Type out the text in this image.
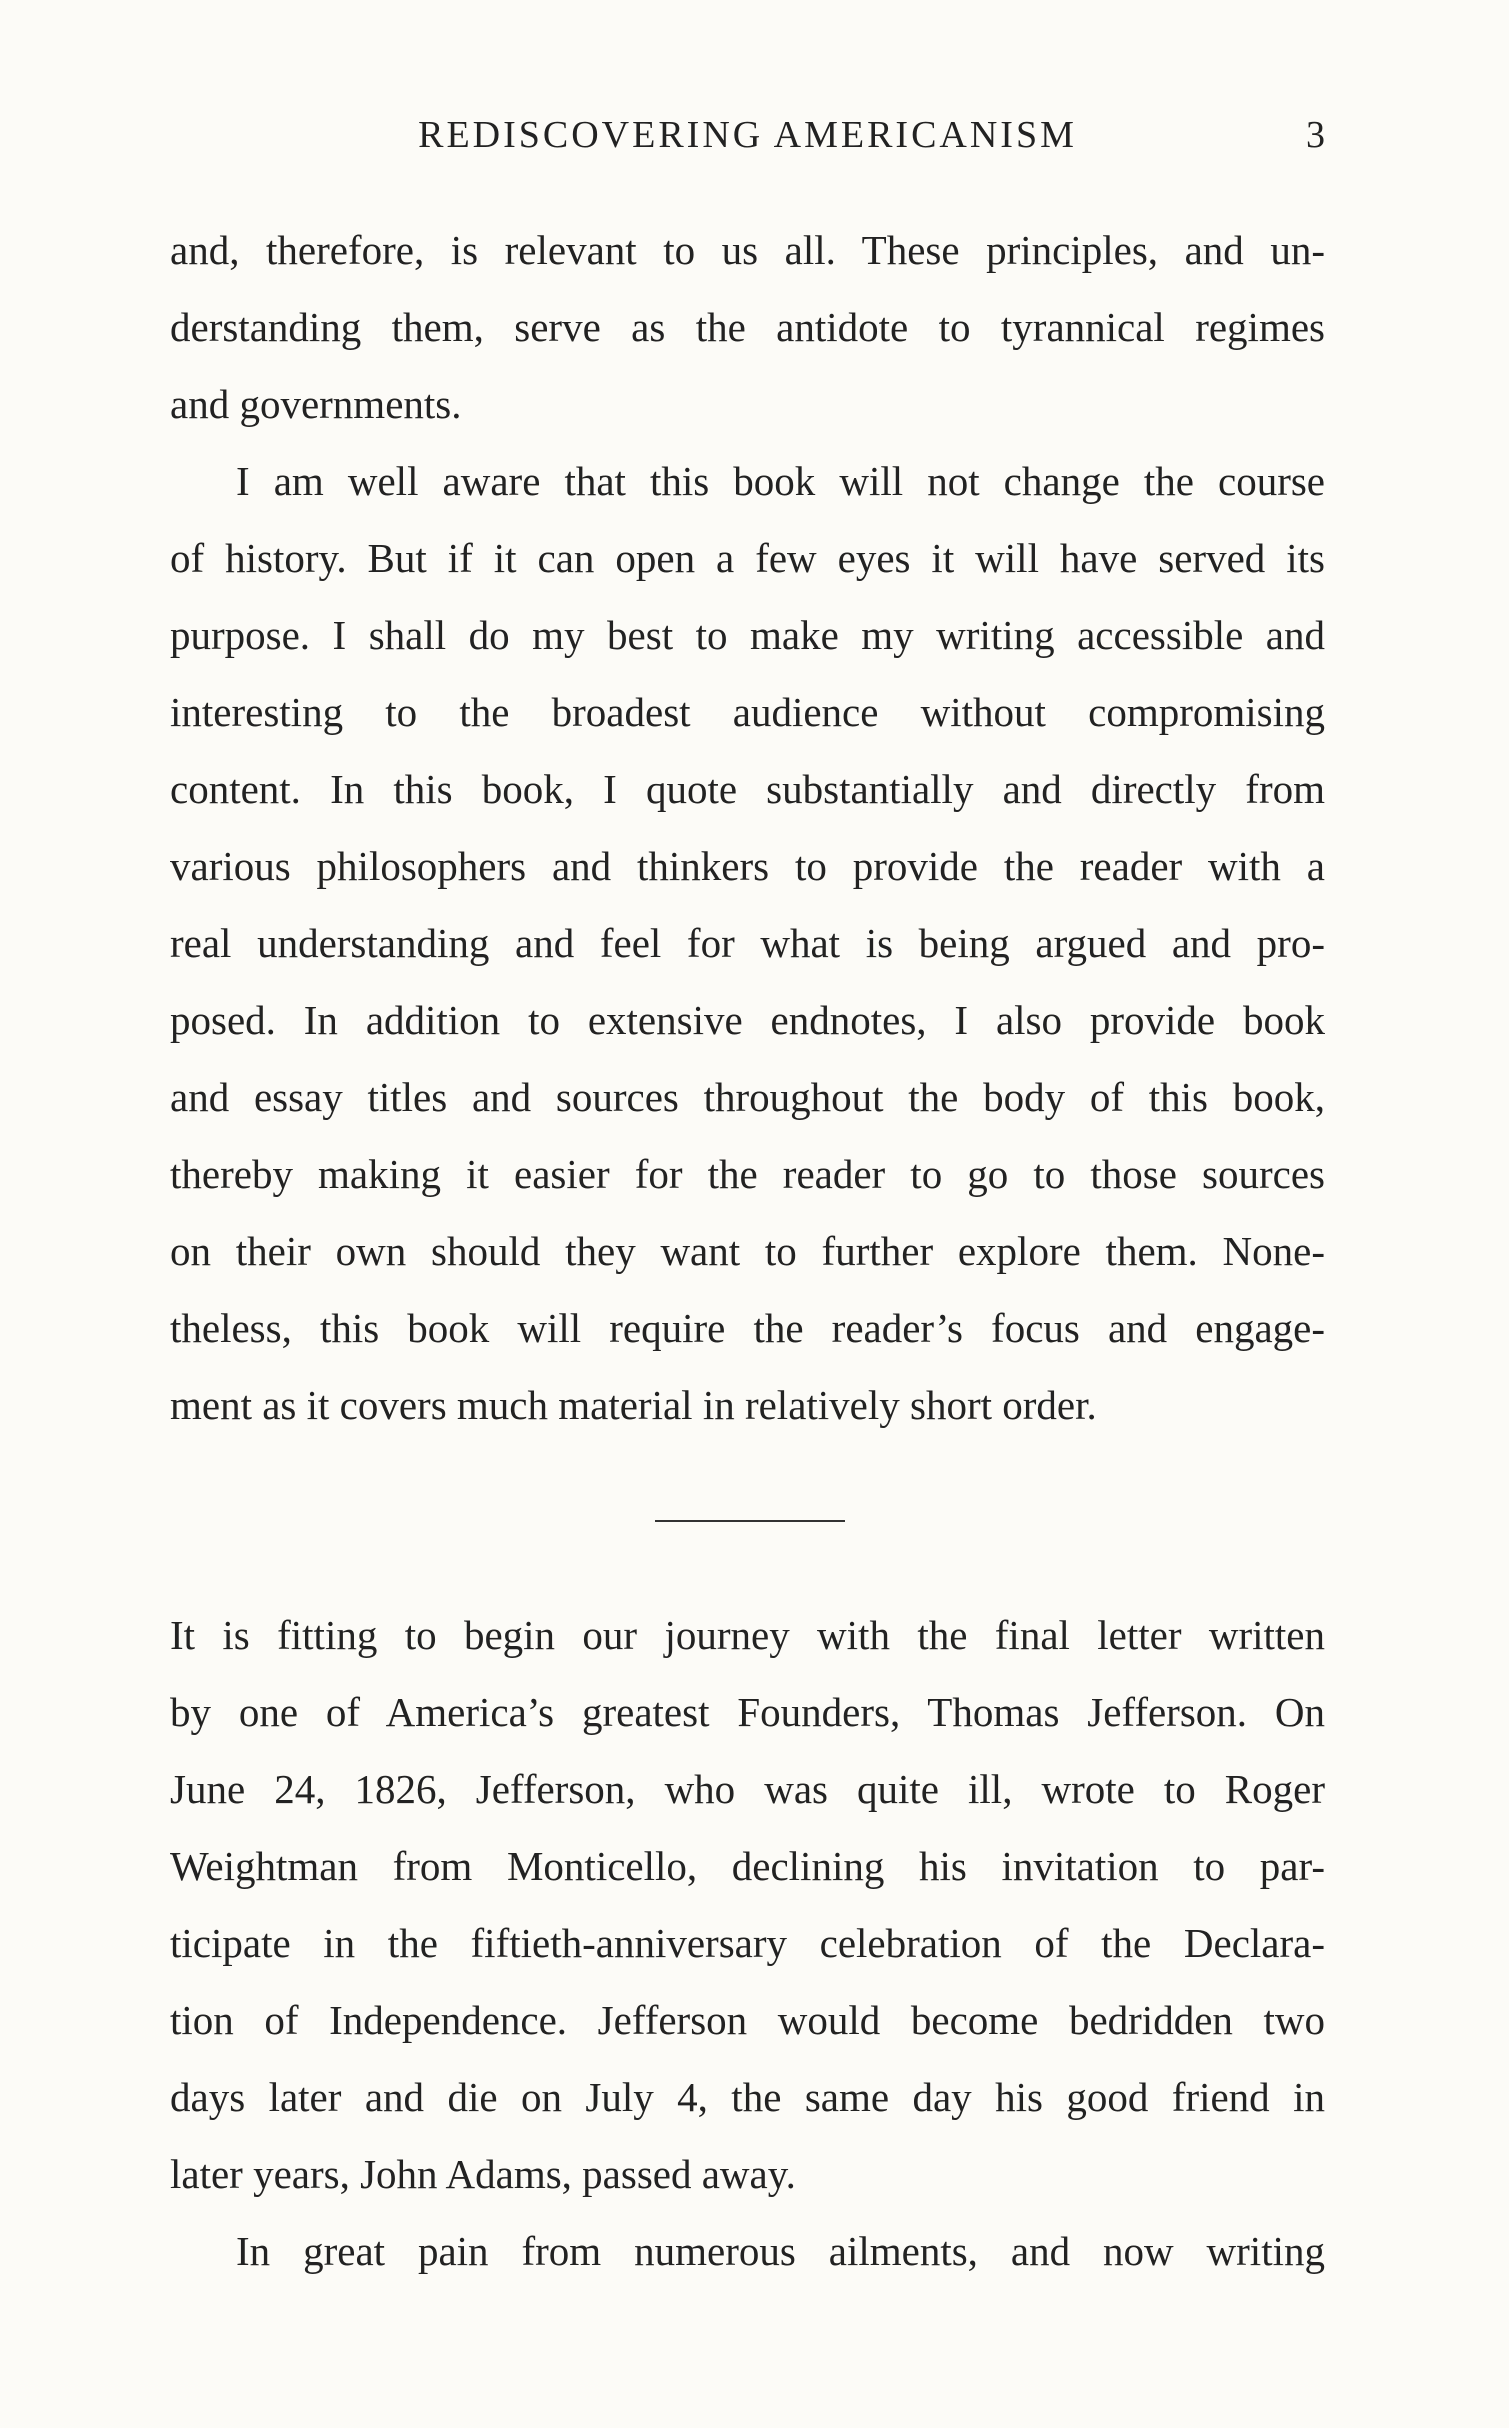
REDISCOVERING AMERICANISM	3
and, therefore, is relevant to us all. These principles, and un-
derstanding them, serve as the antidote to tyrannical regimes
and governments.
I am well aware that this book will not change the course
of history. But if it can open a few eyes it will have served its
purpose. I shall do my best to make my writing accessible and
interesting to the broadest audience without compromising
content. In this book, I quote substantially and directly from
various philosophers and thinkers to provide the reader with a
real understanding and feel for what is being argued and pro-
posed. In addition to extensive endnotes, I also provide book
and essay titles and sources throughout the body of this book,
thereby making it easier for the reader to go to those sources
on their own should they want to further explore them. None-
theless, this book will require the reader’s focus and engage-
ment as it covers much material in relatively short order.
It is fitting to begin our journey with the final letter written
by one of America’s greatest Founders, Thomas Jefferson. On
June 24, 1826, Jefferson, who was quite ill, wrote to Roger
Weightman from Monticello, declining his invitation to par-
ticipate in the fiftieth-anniversary celebration of the Declara-
tion of Independence. Jefferson would become bedridden two
days later and die on July 4, the same day his good friend in
later years, John Adams, passed away.
In great pain from numerous ailments, and now writing
